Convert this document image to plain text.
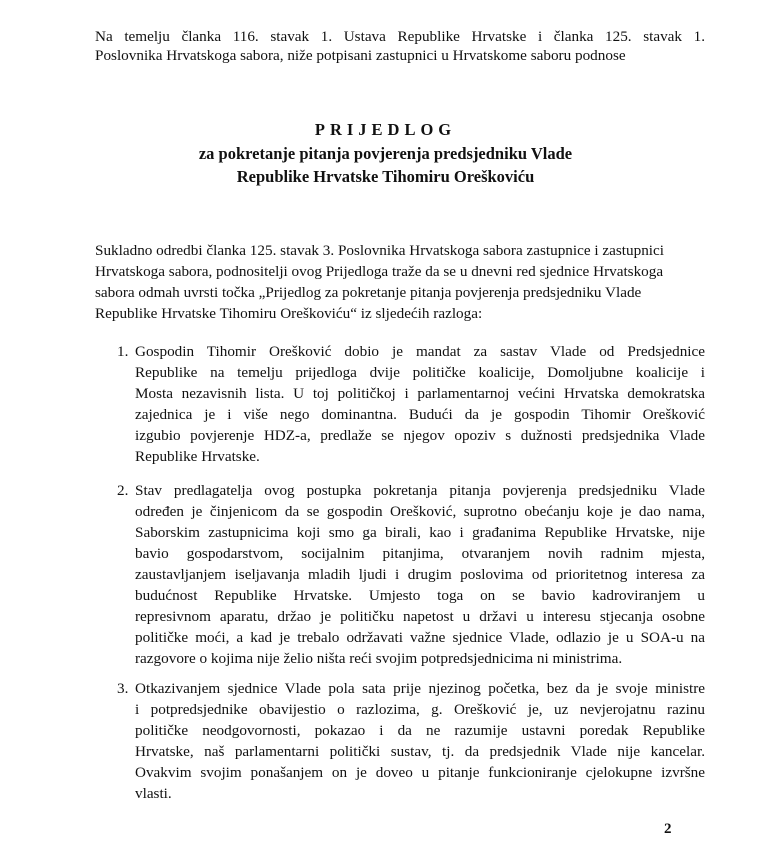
Na temelju članka 116. stavak 1. Ustava Republike Hrvatske i članka 125. stavak 1.
Poslovnika Hrvatskoga sabora, niže potpisani zastupnici u Hrvatskome saboru podnose
PRIJEDLOG
za pokretanje pitanja povjerenja predsjedniku Vlade
Republike Hrvatske Tihomiru Oreškoviću
Sukladno odredbi članka 125. stavak 3. Poslovnika Hrvatskoga sabora zastupnice i zastupnici
Hrvatskoga sabora, podnositelji ovog Prijedloga traže da se u dnevni red sjednice Hrvatskoga
sabora odmah uvrsti točka „Prijedlog za pokretanje pitanja povjerenja predsjedniku Vlade
Republike Hrvatske Tihomiru Oreškoviću“ iz sljedećih razloga:
1. Gospodin Tihomir Orešković dobio je mandat za sastav Vlade od Predsjednice
Republike na temelju prijedloga dvije političke koalicije, Domoljubne koalicije i
Mosta nezavisnih lista. U toj političkoj i parlamentarnoj većini Hrvatska demokratska
zajednica je i više nego dominantna. Budući da je gospodin Tihomir Orešković
izgubio povjerenje HDZ-a, predlaže se njegov opoziv s dužnosti predsjednika Vlade
Republike Hrvatske.
2. Stav predlagatelja ovog postupka pokretanja pitanja povjerenja predsjedniku Vlade
određen je činjenicom da se gospodin Orešković, suprotno obećanju koje je dao nama,
Saborskim zastupnicima koji smo ga birali, kao i građanima Republike Hrvatske, nije
bavio gospodarstvom, socijalnim pitanjima, otvaranjem novih radnim mjesta,
zaustavljanjem iseljavanja mladih ljudi i drugim poslovima od prioritetnog interesa za
budućnost Republike Hrvatske. Umjesto toga on se bavio kadroviranjem u
represivnom aparatu, držao je političku napetost u državi u interesu stjecanja osobne
političke moći, a kad je trebalo održavati važne sjednice Vlade, odlazio je u SOA-u na
razgovore o kojima nije želio ništa reći svojim potpredsjednicima ni ministrima.
3. Otkazivanjem sjednice Vlade pola sata prije njezinog početka, bez da je svoje ministre
i potpredsjednike obavijestio o razlozima, g. Orešković je, uz nevjerojatnu razinu
političke neodgovornosti, pokazao i da ne razumije ustavni poredak Republike
Hrvatske, naš parlamentarni politički sustav, tj. da predsjednik Vlade nije kancelar.
Ovakvim svojim ponašanjem on je doveo u pitanje funkcioniranje cjelokupne izvršne
vlasti.
2
